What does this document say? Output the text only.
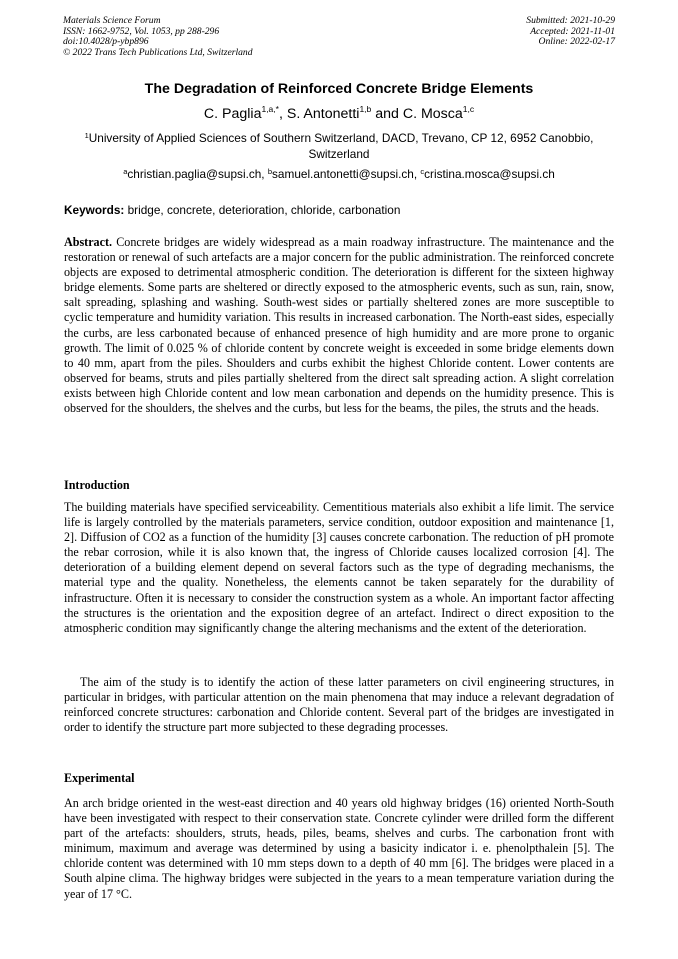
Materials Science Forum
ISSN: 1662-9752, Vol. 1053, pp 288-296
doi:10.4028/p-ybp896
© 2022 Trans Tech Publications Ltd, Switzerland
Submitted: 2021-10-29
Accepted: 2021-11-01
Online: 2022-02-17
The Degradation of Reinforced Concrete Bridge Elements
C. Paglia$^{1,a,*}$, S. Antonetti$^{1,b}$ and C. Mosca$^{1,c}$
$^1$University of Applied Sciences of Southern Switzerland, DACD, Trevano, CP 12, 6952 Canobbio, Switzerland
$^a$christian.paglia@supsi.ch, $^b$samuel.antonetti@supsi.ch, $^c$cristina.mosca@supsi.ch
Keywords: bridge, concrete, deterioration, chloride, carbonation
Abstract. Concrete bridges are widely widespread as a main roadway infrastructure. The maintenance and the restoration or renewal of such artefacts are a major concern for the public administration. The reinforced concrete objects are exposed to detrimental atmospheric condition. The deterioration is different for the sixteen highway bridge elements. Some parts are sheltered or directly exposed to the atmospheric events, such as sun, rain, snow, salt spreading, splashing and washing. South-west sides or partially sheltered zones are more susceptible to cyclic temperature and humidity variation. This results in increased carbonation. The North-east sides, especially the curbs, are less carbonated because of enhanced presence of high humidity and are more prone to organic growth. The limit of 0.025 % of chloride content by concrete weight is exceeded in some bridge elements down to 40 mm, apart from the piles. Shoulders and curbs exhibit the highest Chloride content. Lower contents are observed for beams, struts and piles partially sheltered from the direct salt spreading action. A slight correlation exists between high Chloride content and low mean carbonation and depends on the humidity presence. This is observed for the shoulders, the shelves and the curbs, but less for the beams, the piles, the struts and the heads.
Introduction
The building materials have specified serviceability. Cementitious materials also exhibit a life limit. The service life is largely controlled by the materials parameters, service condition, outdoor exposition and maintenance [1, 2]. Diffusion of CO2 as a function of the humidity [3] causes concrete carbonation. The reduction of pH promote the rebar corrosion, while it is also known that, the ingress of Chloride causes localized corrosion [4]. The deterioration of a building element depend on several factors such as the type of degrading mechanisms, the material type and the quality. Nonetheless, the elements cannot be taken separately for the durability of infrastructure. Often it is necessary to consider the construction system as a whole. An important factor affecting the structures is the orientation and the exposition degree of an artefact. Indirect o direct exposition to the atmospheric condition may significantly change the altering mechanisms and the extent of the deterioration.
The aim of the study is to identify the action of these latter parameters on civil engineering structures, in particular in bridges, with particular attention on the main phenomena that may induce a relevant degradation of reinforced concrete structures: carbonation and Chloride content. Several part of the bridges are investigated in order to identify the structure part more subjected to these degrading processes.
Experimental
An arch bridge oriented in the west-east direction and 40 years old highway bridges (16) oriented North-South have been investigated with respect to their conservation state. Concrete cylinder were drilled form the different part of the artefacts: shoulders, struts, heads, piles, beams, shelves and curbs. The carbonation front with minimum, maximum and average was determined by using a basicity indicator i. e. phenolpthalein [5]. The chloride content was determined with 10 mm steps down to a depth of 40 mm [6]. The bridges were placed in a South alpine clima. The highway bridges were subjected in the years to a mean temperature variation during the year of 17 °C.
